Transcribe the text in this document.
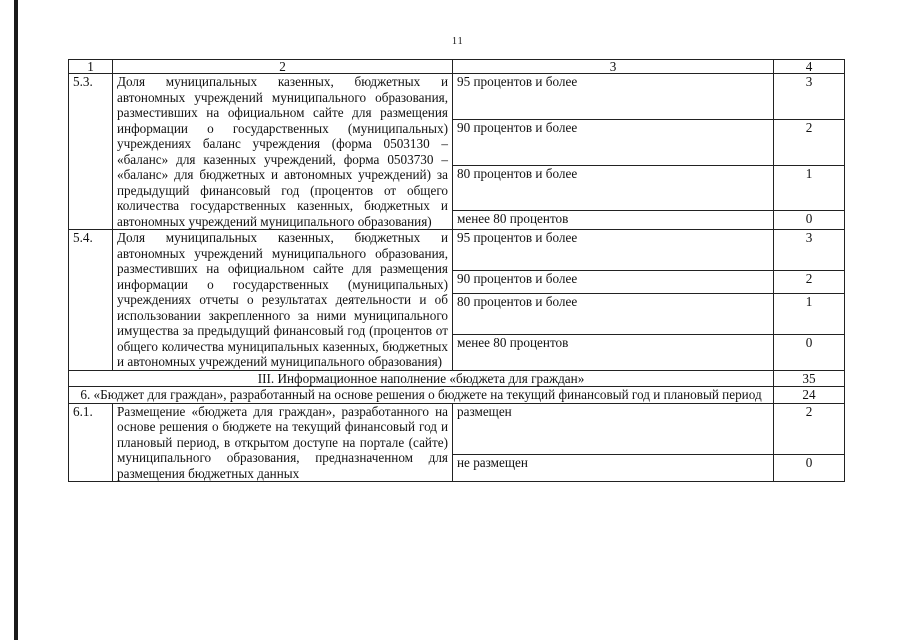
11
1	2	3	4
5.3.	Доля муниципальных казенных, бюджетных и автономных учреждений муниципального образования, разместивших на официальном сайте для размещения информации о государственных (муниципальных) учреждениях баланс учреждения (форма 0503130 – «баланс» для казенных учреждений, форма 0503730 – «баланс» для бюджетных и автономных учреждений) за предыдущий финансовый год (процентов от общего количества государственных казенных, бюджетных и автономных учреждений муниципального образования)	95 процентов и более	3
		90 процентов и более	2
		80 процентов и более	1
		менее 80 процентов	0
5.4.	Доля муниципальных казенных, бюджетных и автономных учреждений муниципального образования, разместивших на официальном сайте для размещения информации о государственных (муниципальных) учреждениях отчеты о результатах деятельности и об использовании закрепленного за ними муниципального имущества за предыдущий финансовый год (процентов от общего количества муниципальных казенных, бюджетных и автономных учреждений муниципального образования)	95 процентов и более	3
		90 процентов и более	2
		80 процентов и более	1
		менее 80 процентов	0
III. Информационное наполнение «бюджета для граждан»			35
6. «Бюджет для граждан», разработанный на основе решения о бюджете на текущий финансовый год и плановый период			24
6.1.	Размещение «бюджета для граждан», разработанного на основе решения о бюджете на текущий финансовый год и плановый период, в открытом доступе на портале (сайте) муниципального образования, предназначенном для размещения бюджетных данных	размещен	2
		не размещен	0
